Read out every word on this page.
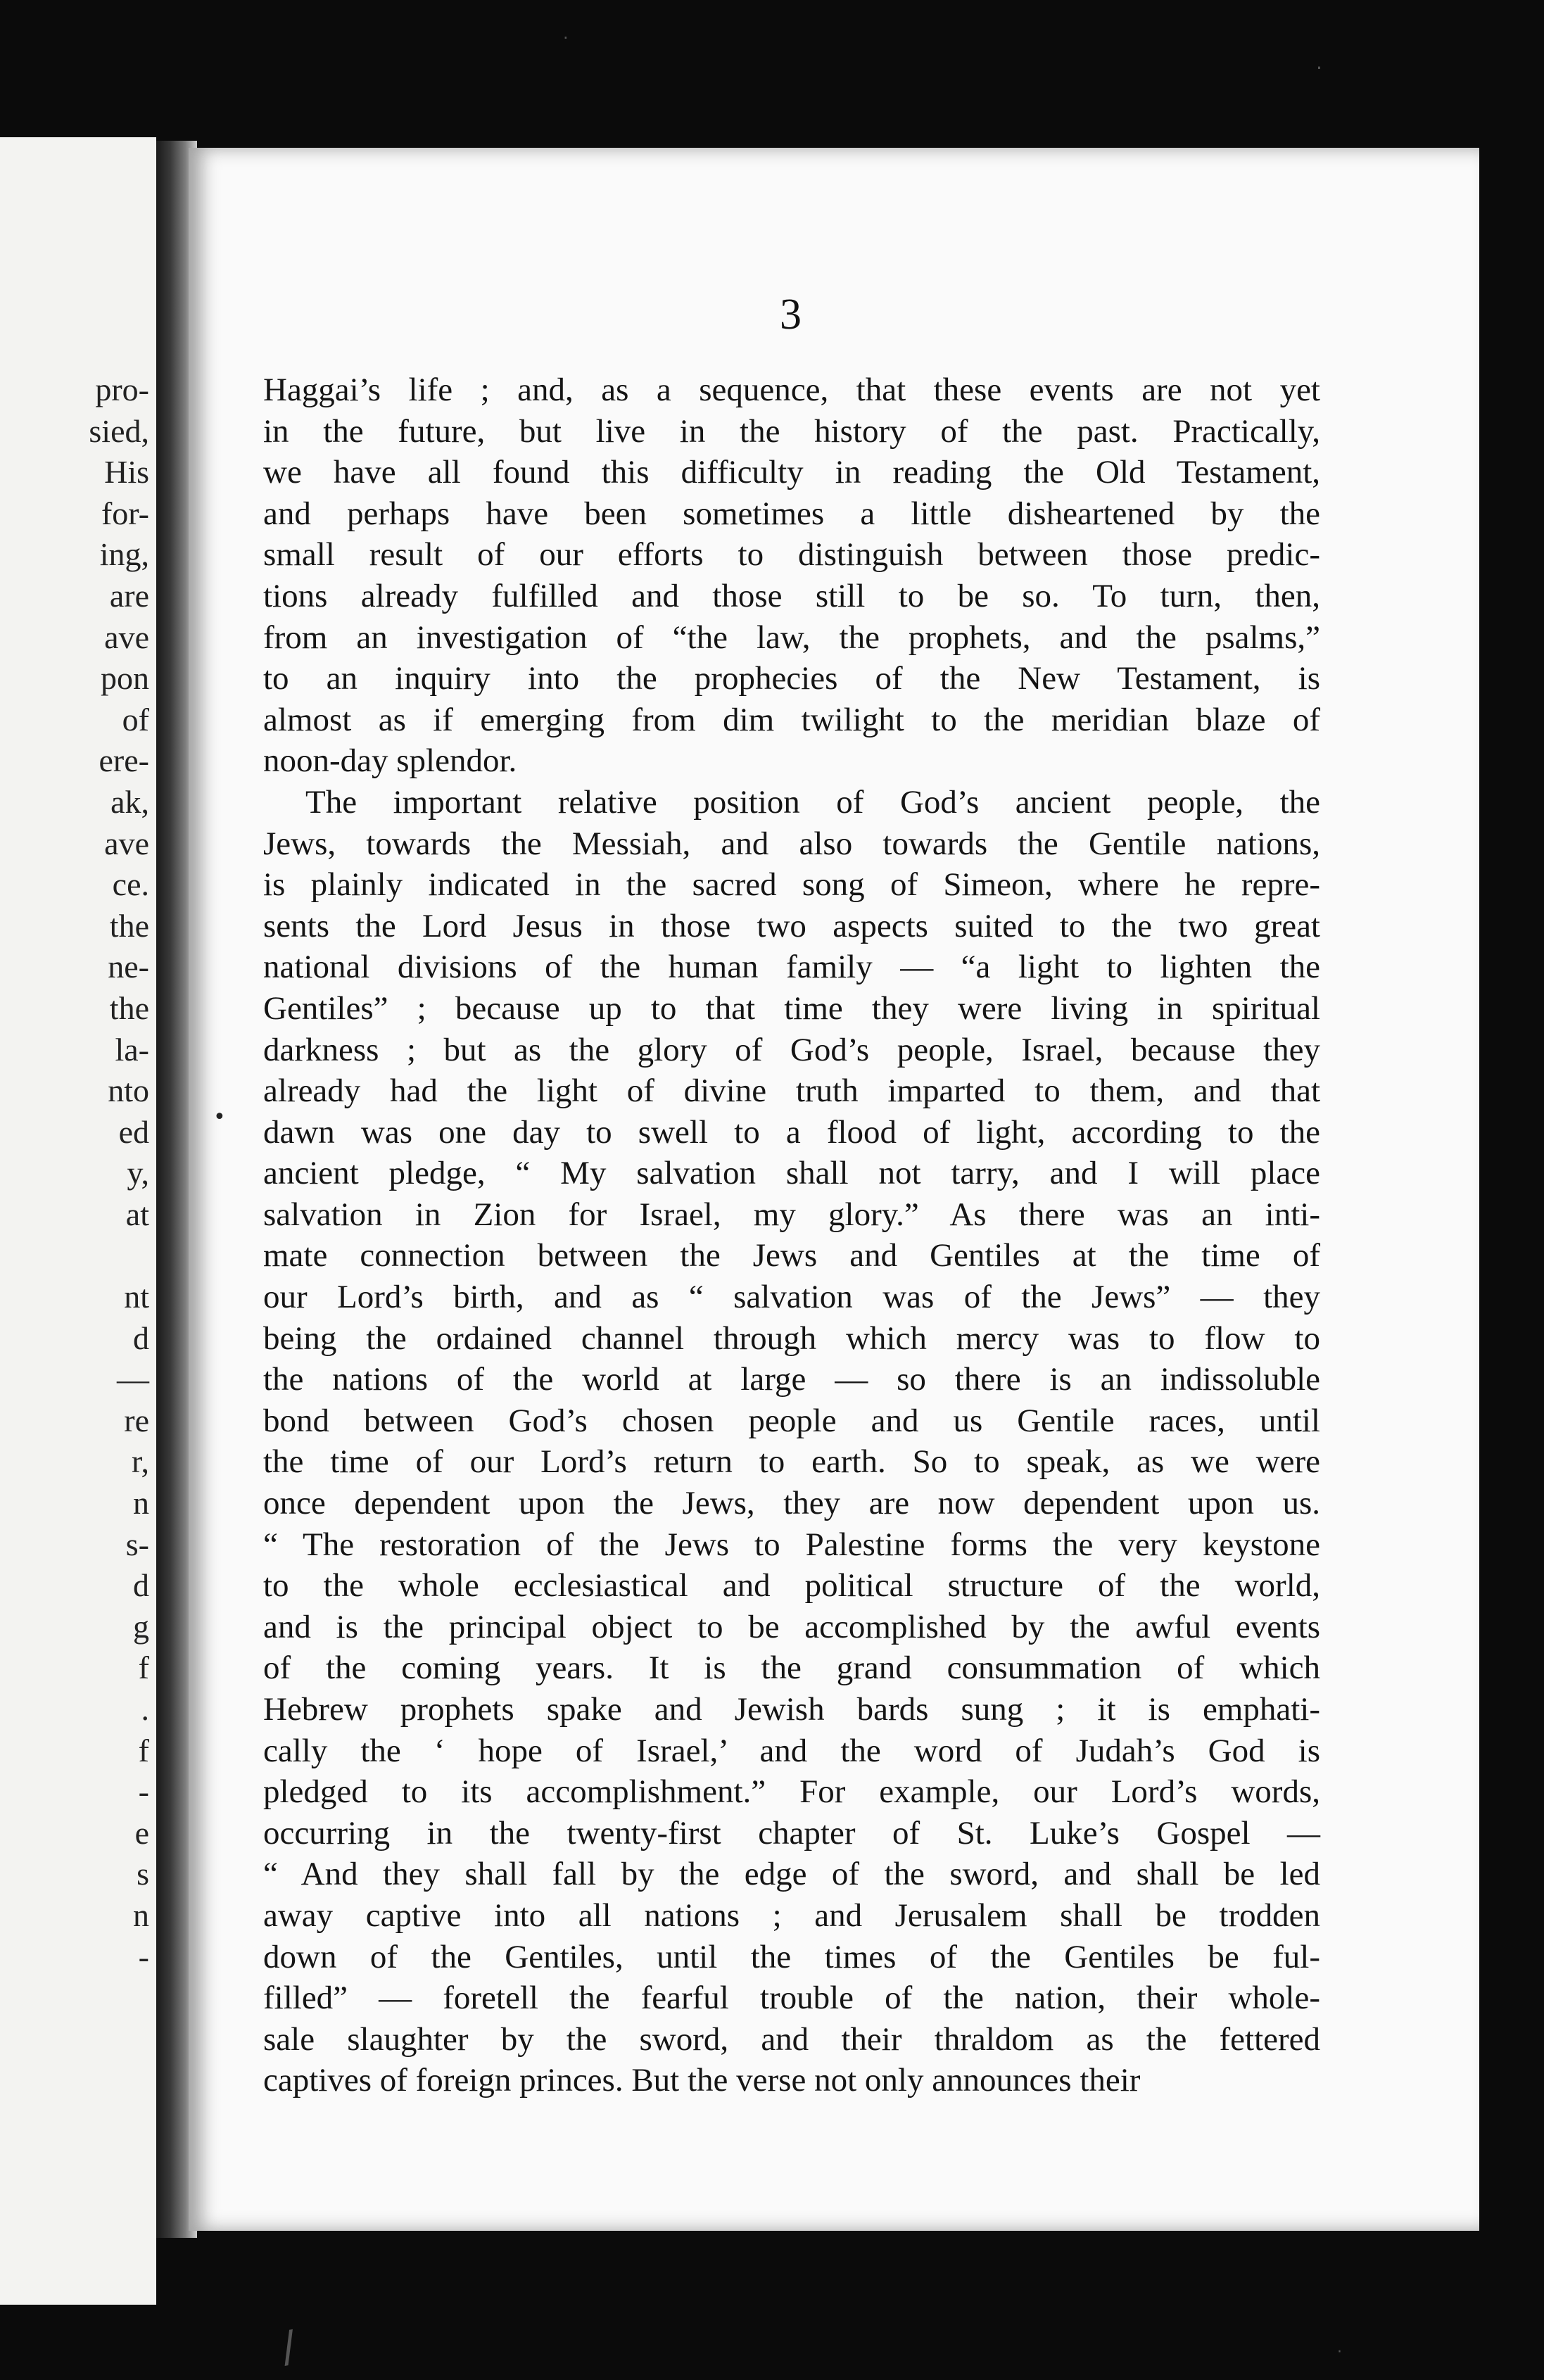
pro-
sied,
His
for-
ing,
are
ave
pon
of
ere-
ak,
ave
ce.
the
ne-
the
la-
nto
ed
y,
at

nt
d
—
re
r,
n
s-
d
g
f
.
f
-
e
s
n
-

3

Haggai’s life ; and, as a sequence, that these events are not yet
in the future, but live in the history of the past. Practically,
we have all found this difficulty in reading the Old Testament,
and perhaps have been sometimes a little disheartened by the
small result of our efforts to distinguish between those predic-
tions already fulfilled and those still to be so. To turn, then,
from an investigation of “the law, the prophets, and the psalms,”
to an inquiry into the prophecies of the New Testament, is
almost as if emerging from dim twilight to the meridian blaze of
noon-day splendor.
The important relative position of God’s ancient people, the
Jews, towards the Messiah, and also towards the Gentile nations,
is plainly indicated in the sacred song of Simeon, where he repre-
sents the Lord Jesus in those two aspects suited to the two great
national divisions of the human family — “a light to lighten the
Gentiles” ; because up to that time they were living in spiritual
darkness ; but as the glory of God’s people, Israel, because they
already had the light of divine truth imparted to them, and that
dawn was one day to swell to a flood of light, according to the
ancient pledge, “ My salvation shall not tarry, and I will place
salvation in Zion for Israel, my glory.” As there was an inti-
mate connection between the Jews and Gentiles at the time of
our Lord’s birth, and as “ salvation was of the Jews” — they
being the ordained channel through which mercy was to flow to
the nations of the world at large — so there is an indissoluble
bond between God’s chosen people and us Gentile races, until
the time of our Lord’s return to earth. So to speak, as we were
once dependent upon the Jews, they are now dependent upon us.
“ The restoration of the Jews to Palestine forms the very keystone
to the whole ecclesiastical and political structure of the world,
and is the principal object to be accomplished by the awful events
of the coming years. It is the grand consummation of which
Hebrew prophets spake and Jewish bards sung ; it is emphati-
cally the ‘ hope of Israel,’ and the word of Judah’s God is
pledged to its accomplishment.” For example, our Lord’s words,
occurring in the twenty-first chapter of St. Luke’s Gospel —
“ And they shall fall by the edge of the sword, and shall be led
away captive into all nations ; and Jerusalem shall be trodden
down of the Gentiles, until the times of the Gentiles be ful-
filled” — foretell the fearful trouble of the nation, their whole-
sale slaughter by the sword, and their thraldom as the fettered
captives of foreign princes. But the verse not only announces their

•
/
·
·
·
